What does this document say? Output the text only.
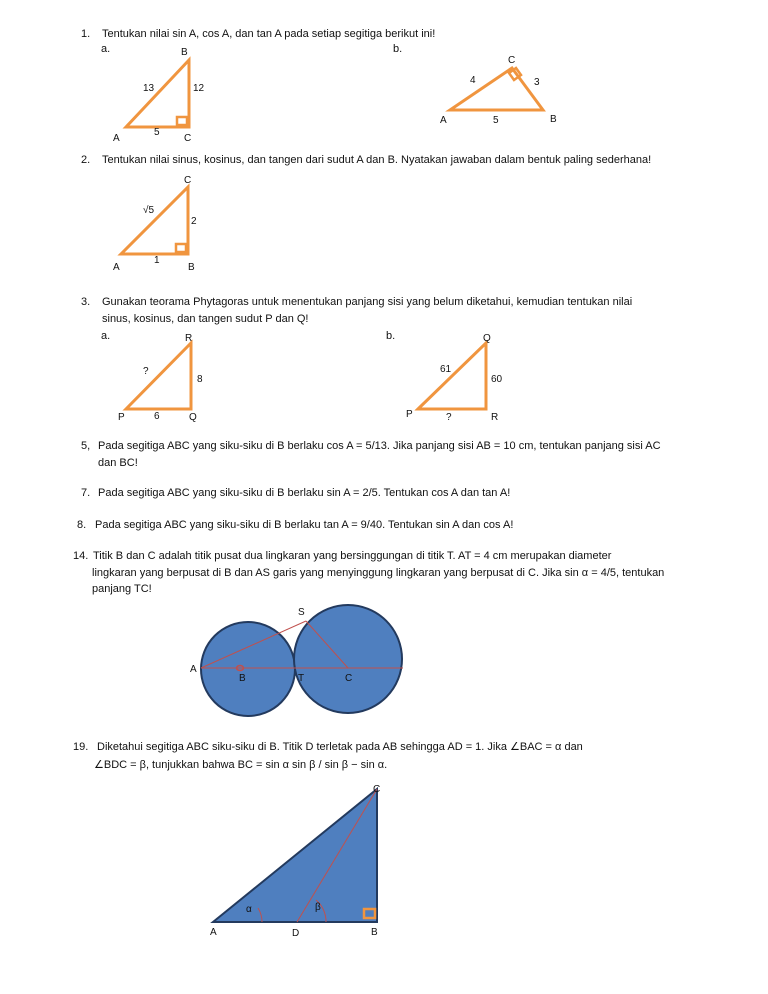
1. Tentukan nilai sin A, cos A, dan tan A pada setiap segitiga berikut ini!
a.	b.
B
13	12
A
5
C
C
4	3
A	5	B
2. Tentukan nilai sinus, kosinus, dan tangen dari sudut A dan B. Nyatakan jawaban dalam bentuk paling sederhana!
C
√5
2
A
1
B
3. Gunakan teorama Phytagoras untuk menentukan panjang sisi yang belum diketahui, kemudian tentukan nilai
sinus, kosinus, dan tangen sudut P dan Q!
a.	b.
R
?
8
P	6	Q
Q
61
60
P	?	R
5, Pada segitiga ABC yang siku-siku di B berlaku cos A = 5/13. Jika panjang sisi AB = 10 cm, tentukan panjang sisi AC
dan BC!
7. Pada segitiga ABC yang siku-siku di B berlaku sin A = 2/5. Tentukan cos A dan tan A!
8. Pada segitiga ABC yang siku-siku di B berlaku tan A = 9/40. Tentukan sin A dan cos A!
14. Titik B dan C adalah titik pusat dua lingkaran yang bersinggungan di titik T. AT = 4 cm merupakan diameter
lingkaran yang berpusat di B dan AS garis yang menyinggung lingkaran yang berpusat di C. Jika sin α = 4/5, tentukan
panjang TC!
S
A
B	T	C
19. Diketahui segitiga ABC siku-siku di B. Titik D terletak pada AB sehingga AD = 1. Jika ∠BAC = α dan
∠BDC = β, tunjukkan bahwa BC = sin α sin β / sin β − sin α.
C
α	β
A	D	B
